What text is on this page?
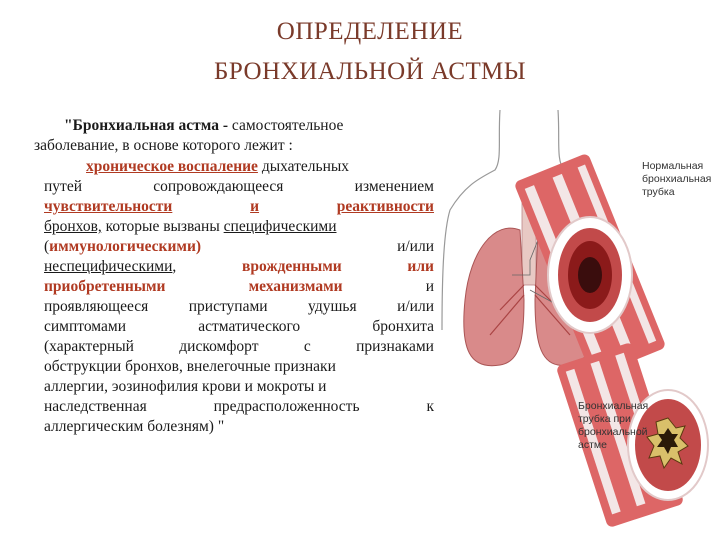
ОПРЕДЕЛЕНИЕ
БРОНХИАЛЬНОЙ АСТМЫ
"Бронхиальная астма - самостоятельное
заболевание, в основе которого лежит :
хроническое воспаление дыхательных
путей	сопровождающееся	изменением
чувствительности	и	реактивности
бронхов, которые вызваны специфическими
(иммунологическими)	и/или
неспецифическими,	врожденными	или
приобретенными	механизмами	и
проявляющееся	приступами	удушья	и/или
симптомами	астматического	бронхита
(характерный	дискомфорт	с	признаками
обструкции бронхов, внелегочные признаки
аллергии, эозинофилия крови и мокроты и
наследственная	предрасположенность	к
аллергическим болезням) "
Нормальная
бронхиальная
трубка
Бронхиальная
трубка при
бронхиальной
астме
